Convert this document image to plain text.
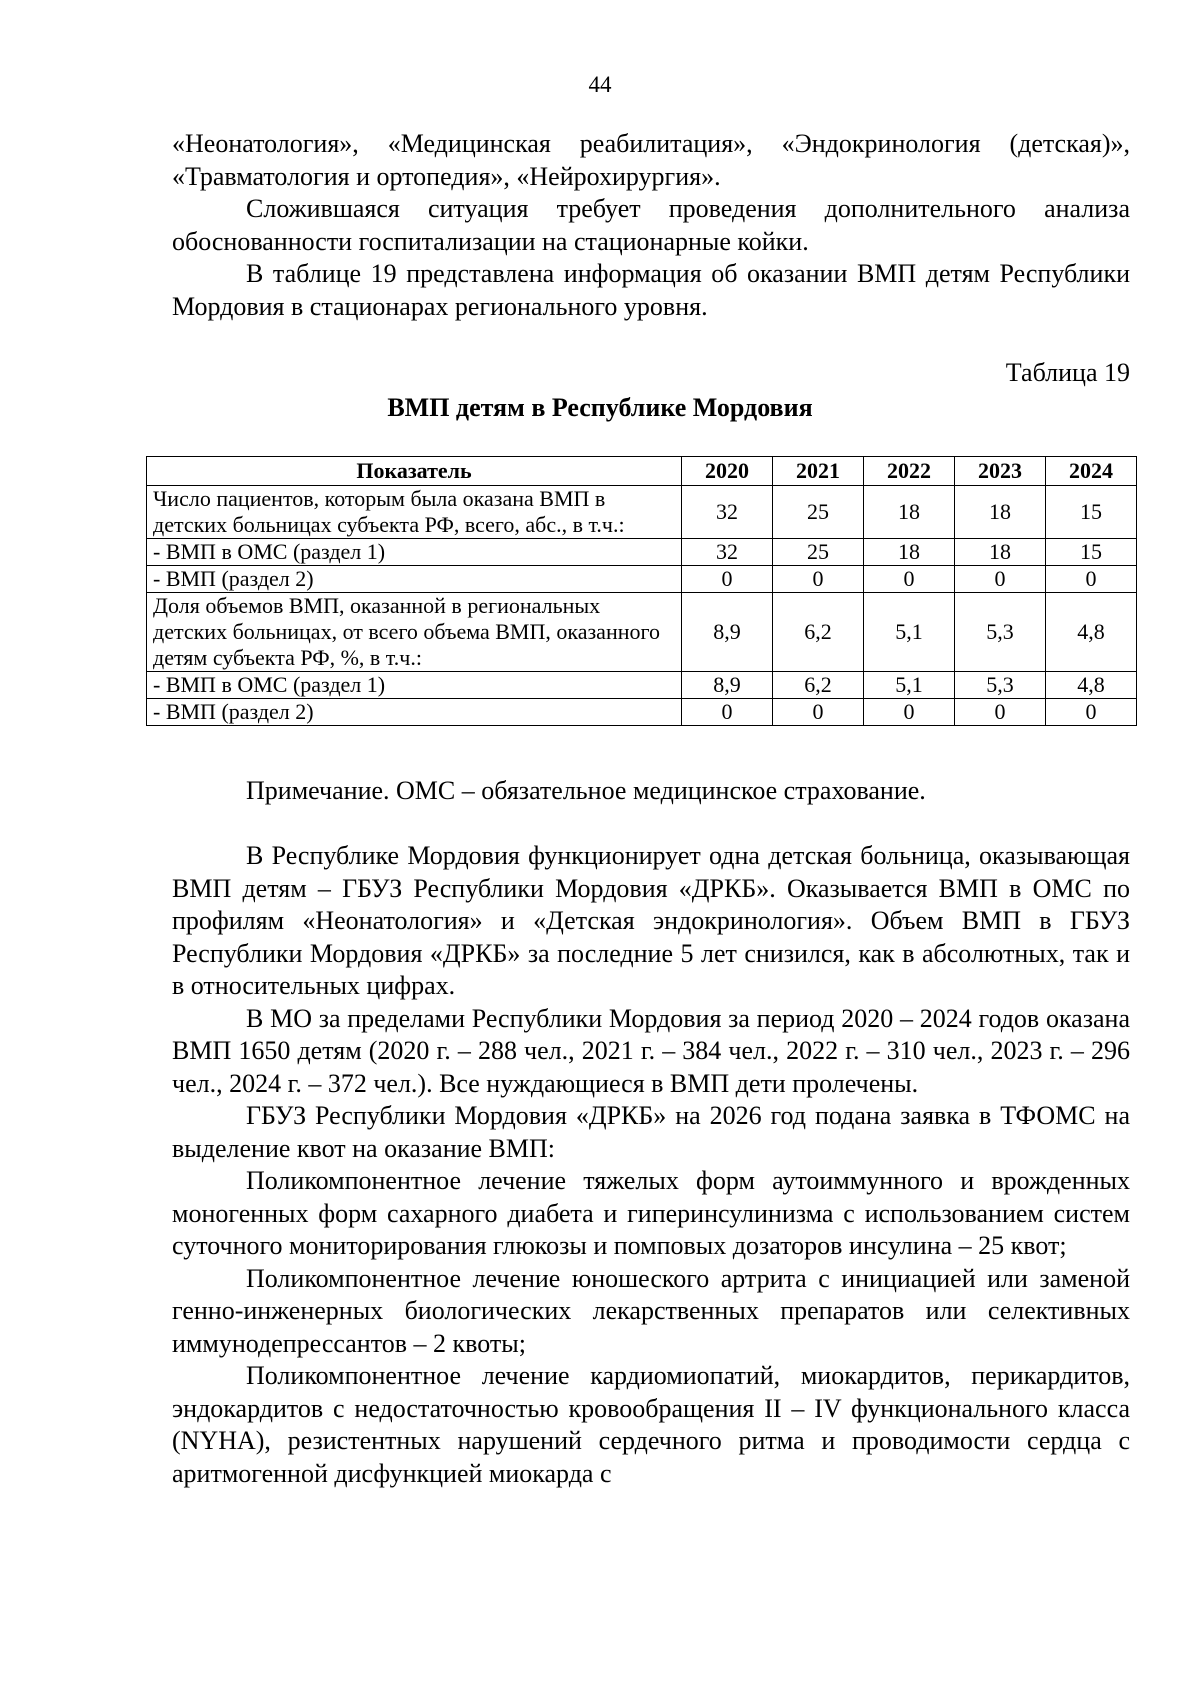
44

«Неонатология», «Медицинская реабилитация», «Эндокринология (детская)», «Травматология и ортопедия», «Нейрохирургия».

Сложившаяся ситуация требует проведения дополнительного анализа обоснованности госпитализации на стационарные койки.

В таблице 19 представлена информация об оказании ВМП детям Республики Мордовия в стационарах регионального уровня.

Таблица 19
ВМП детям в Республике Мордовия
Показатель	2020	2021	2022	2023	2024
Число пациентов, которым была оказана ВМП в детских больницах субъекта РФ, всего, абс., в т.ч.:	32	25	18	18	15
- ВМП в ОМС (раздел 1)	32	25	18	18	15
- ВМП (раздел 2)	0	0	0	0	0
Доля объемов ВМП, оказанной в региональных детских больницах, от всего объема ВМП, оказанного детям субъекта РФ, %, в т.ч.:	8,9	6,2	5,1	5,3	4,8
- ВМП в ОМС (раздел 1)	8,9	6,2	5,1	5,3	4,8
- ВМП (раздел 2)	0	0	0	0	0
Примечание. ОМС – обязательное медицинское страхование.

В Республике Мордовия функционирует одна детская больница, оказывающая ВМП детям – ГБУЗ Республики Мордовия «ДРКБ». Оказывается ВМП в ОМС по профилям «Неонатология» и «Детская эндокринология». Объем ВМП в ГБУЗ Республики Мордовия «ДРКБ» за последние 5 лет снизился, как в абсолютных, так и в относительных цифрах.

В МО за пределами Республики Мордовия за период 2020 – 2024 годов оказана ВМП 1650 детям (2020 г. – 288 чел., 2021 г. – 384 чел., 2022 г. – 310 чел., 2023 г. – 296 чел., 2024 г. – 372 чел.). Все нуждающиеся в ВМП дети пролечены.

ГБУЗ Республики Мордовия «ДРКБ» на 2026 год подана заявка в ТФОМС на выделение квот на оказание ВМП:

Поликомпонентное лечение тяжелых форм аутоиммунного и врожденных моногенных форм сахарного диабета и гиперинсулинизма с использованием систем суточного мониторирования глюкозы и помповых дозаторов инсулина – 25 квот;

Поликомпонентное лечение юношеского артрита с инициацией или заменой генно-инженерных биологических лекарственных препаратов или селективных иммунодепрессантов – 2 квоты;

Поликомпонентное лечение кардиомиопатий, миокардитов, перикардитов, эндокардитов с недостаточностью кровообращения II – IV функционального класса (NYHA), резистентных нарушений сердечного ритма и проводимости сердца с аритмогенной дисфункцией миокарда с
